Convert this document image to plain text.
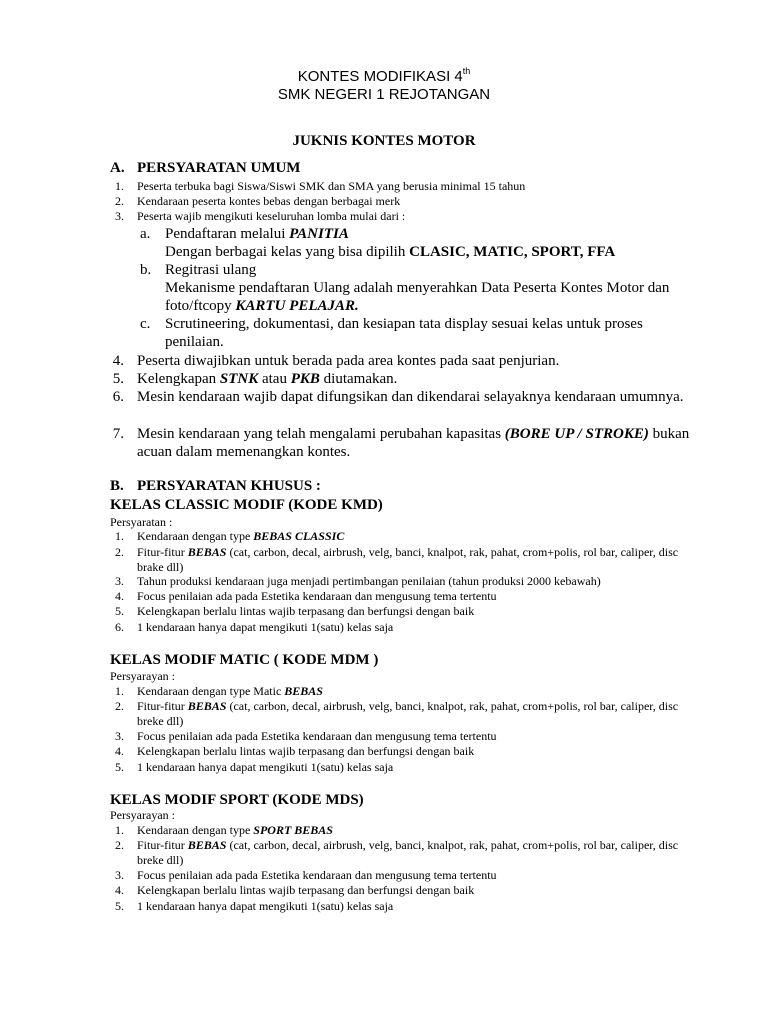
KONTES MODIFIKASI 4th
SMK NEGERI 1 REJOTANGAN
JUKNIS KONTES MOTOR
A. PERSYARATAN UMUM
1. Peserta terbuka bagi Siswa/Siswi SMK dan SMA yang berusia minimal 15 tahun
2. Kendaraan peserta kontes bebas dengan berbagai merk
3. Peserta wajib mengikuti keseluruhan lomba mulai dari :
a. Pendaftaran melalui PANITIA
Dengan berbagai kelas yang bisa dipilih CLASIC, MATIC, SPORT, FFA
b. Regitrasi ulang
Mekanisme pendaftaran Ulang adalah menyerahkan Data Peserta Kontes Motor dan foto/ftcopy KARTU PELAJAR.
c. Scrutineering, dokumentasi, dan kesiapan tata display sesuai kelas untuk proses penilaian.
4. Peserta diwajibkan untuk berada pada area kontes pada saat penjurian.
5. Kelengkapan STNK atau PKB diutamakan.
6. Mesin kendaraan wajib dapat difungsikan dan dikendarai selayaknya kendaraan umumnya.
7. Mesin kendaraan yang telah mengalami perubahan kapasitas (BORE UP / STROKE) bukan acuan dalam memenangkan kontes.
B. PERSYARATAN KHUSUS :
KELAS CLASSIC MODIF (KODE KMD)
Persyaratan :
1. Kendaraan dengan type BEBAS CLASSIC
2. Fitur-fitur BEBAS (cat, carbon, decal, airbrush, velg, banci, knalpot, rak, pahat, crom+polis, rol bar, caliper, disc brake dll)
3. Tahun produksi kendaraan juga menjadi pertimbangan penilaian (tahun produksi 2000 kebawah)
4. Focus penilaian ada pada Estetika kendaraan dan mengusung tema tertentu
5. Kelengkapan berlalu lintas wajib terpasang dan berfungsi dengan baik
6. 1 kendaraan hanya dapat mengikuti 1(satu) kelas saja
KELAS MODIF MATIC ( KODE MDM )
Persyarayan :
1. Kendaraan dengan type Matic BEBAS
2. Fitur-fitur BEBAS (cat, carbon, decal, airbrush, velg, banci, knalpot, rak, pahat, crom+polis, rol bar, caliper, disc breke dll)
3. Focus penilaian ada pada Estetika kendaraan dan mengusung tema tertentu
4. Kelengkapan berlalu lintas wajib terpasang dan berfungsi dengan baik
5. 1 kendaraan hanya dapat mengikuti 1(satu) kelas saja
KELAS MODIF SPORT (KODE MDS)
Persyarayan :
1. Kendaraan dengan type SPORT BEBAS
2. Fitur-fitur BEBAS (cat, carbon, decal, airbrush, velg, banci, knalpot, rak, pahat, crom+polis, rol bar, caliper, disc breke dll)
3. Focus penilaian ada pada Estetika kendaraan dan mengusung tema tertentu
4. Kelengkapan berlalu lintas wajib terpasang dan berfungsi dengan baik
5. 1 kendaraan hanya dapat mengikuti 1(satu) kelas saja
